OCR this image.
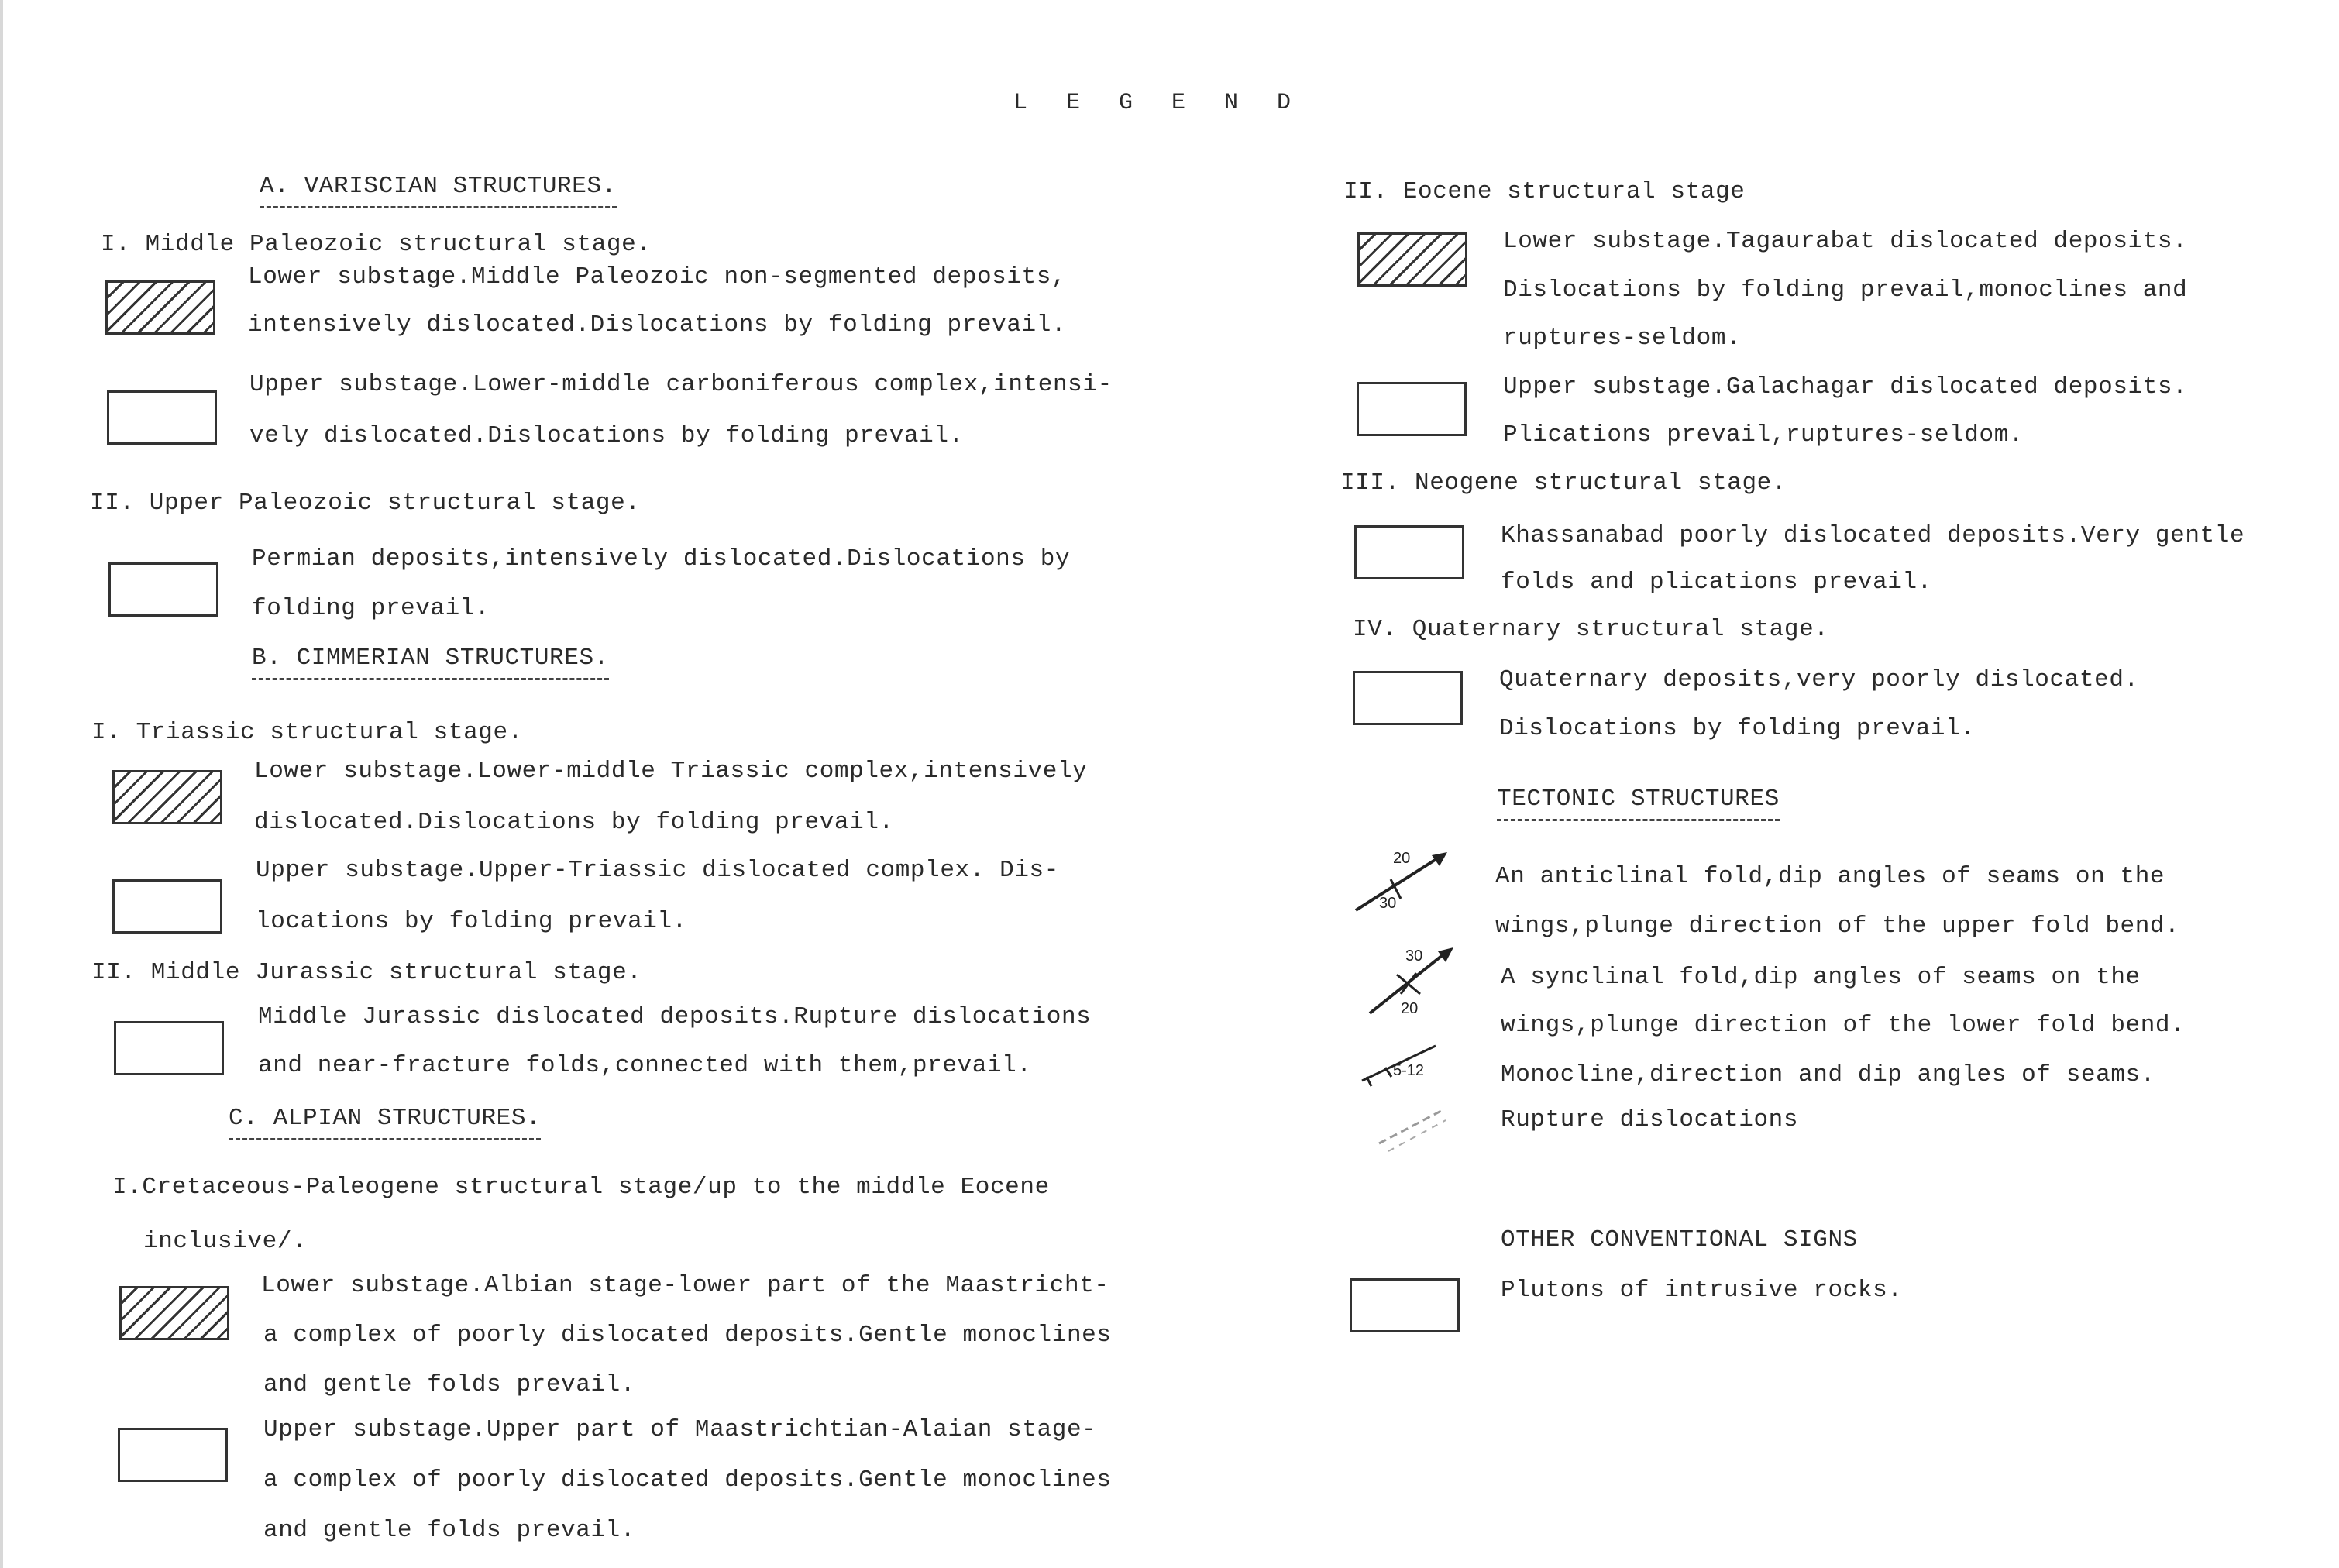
LEGEND
A. VARISCIAN STRUCTURES.
I. Middle Paleozoic structural stage.
Lower substage.Middle Paleozoic non-segmented deposits,
intensively dislocated.Dislocations by folding prevail.
Upper substage.Lower-middle carboniferous complex,intensi-
vely dislocated.Dislocations by folding prevail.
II. Upper Paleozoic structural stage.
Permian deposits,intensively dislocated.Dislocations by
folding prevail.
B. CIMMERIAN STRUCTURES.
I. Triassic structural stage.
Lower substage.Lower-middle Triassic complex,intensively
dislocated.Dislocations by folding prevail.
Upper substage.Upper-Triassic dislocated complex. Dis-
locations by folding prevail.
II. Middle Jurassic structural stage.
Middle Jurassic dislocated deposits.Rupture dislocations
and near-fracture folds,connected with them,prevail.
C. ALPIAN STRUCTURES.
I.Cretaceous-Paleogene structural stage/up to the middle Eocene
inclusive/.
Lower substage.Albian stage-lower part of the Maastricht-
a complex of poorly dislocated deposits.Gentle monoclines
and gentle folds prevail.
Upper substage.Upper part of Maastrichtian-Alaian stage-
a complex of poorly dislocated deposits.Gentle monoclines
and gentle folds prevail.
II. Eocene structural stage
Lower substage.Tagaurabat dislocated deposits.
Dislocations by folding prevail,monoclines and
ruptures-seldom.
Upper substage.Galachagar dislocated deposits.
Plications prevail,ruptures-seldom.
III. Neogene structural stage.
Khassanabad poorly dislocated deposits.Very gentle
folds and plications prevail.
IV. Quaternary structural stage.
Quaternary deposits,very poorly dislocated.
Dislocations by folding prevail.
TECTONIC STRUCTURES
20
30
An anticlinal fold,dip angles of seams on the
wings,plunge direction of the upper fold bend.
30
20
A synclinal fold,dip angles of seams on the
wings,plunge direction of the lower fold bend.
5-12	Monocline,direction and dip angles of seams.
Rupture dislocations
OTHER CONVENTIONAL SIGNS
Plutons of intrusive rocks.
